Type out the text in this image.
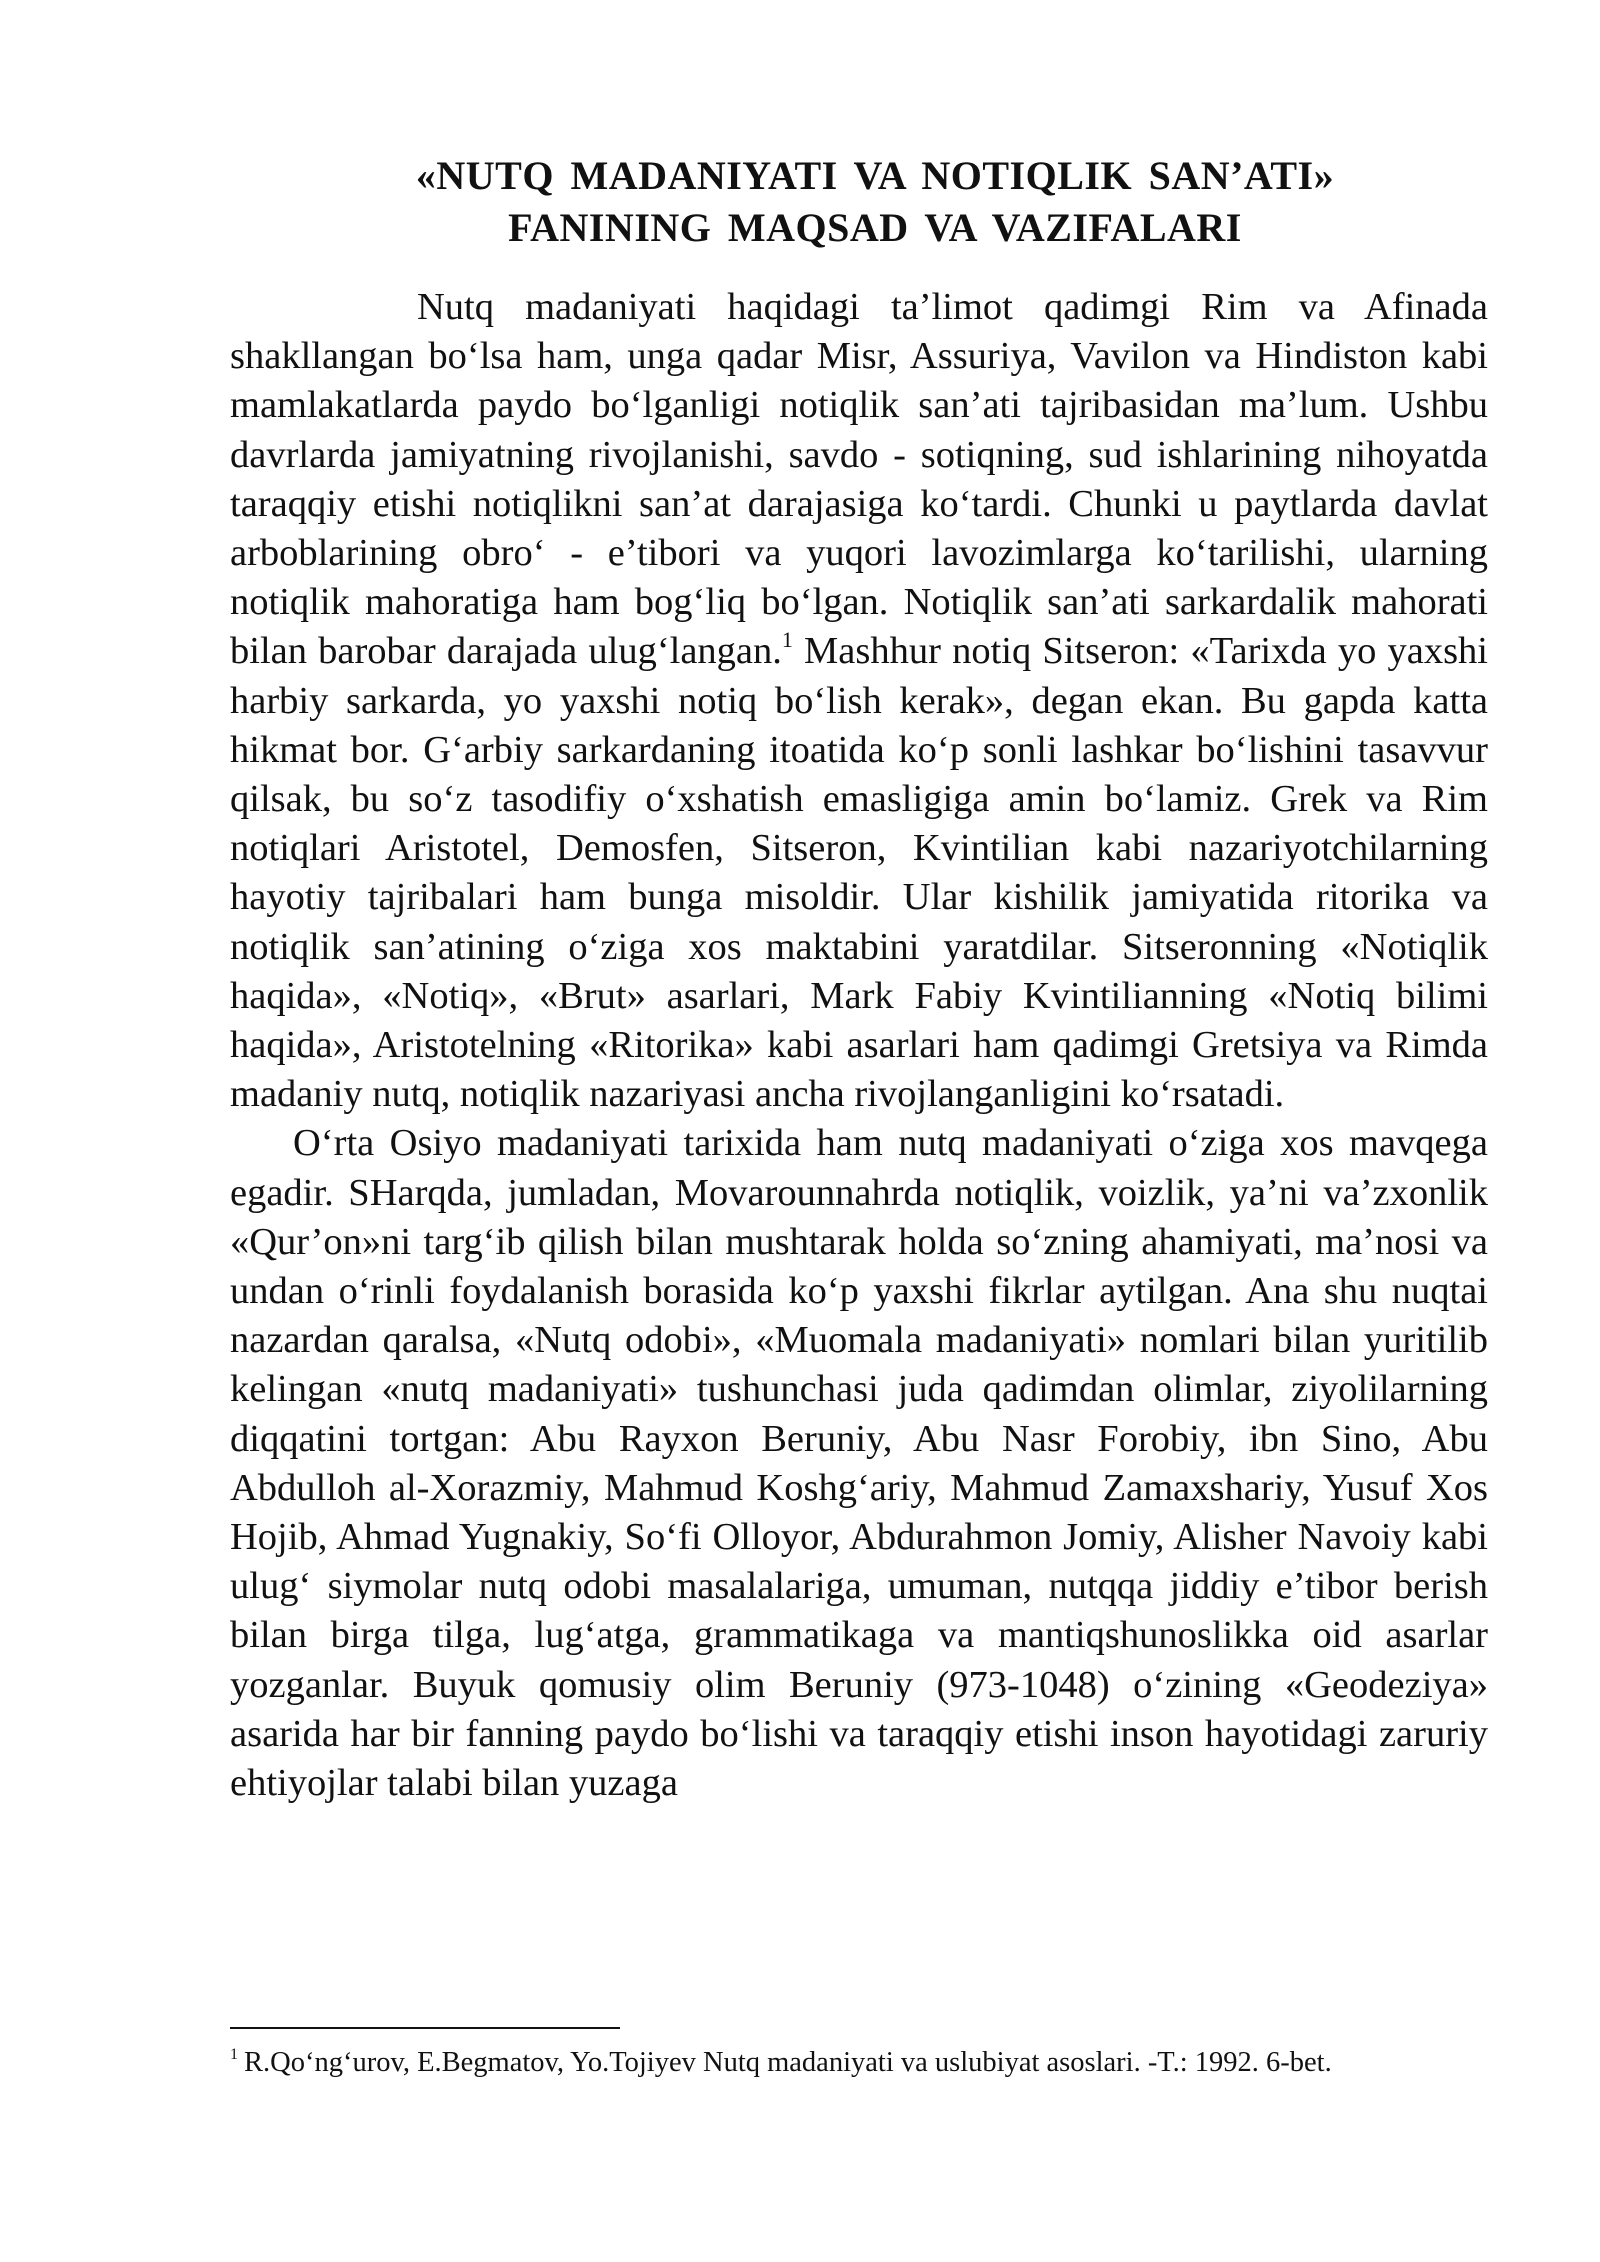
«NUTQ MADANIYATI VA NOTIQLIK SAN’ATI»
FANINING MAQSAD VA VAZIFALARI

Nutq madaniyati haqidagi ta’limot qadimgi Rim va Afinada shakllangan bo‘lsa ham, unga qadar Misr, Assuriya, Vavilon va Hindiston kabi mamlakatlarda paydo bo‘lganligi notiqlik san’ati tajribasidan ma’lum. Ushbu davrlarda jamiyatning rivojlanishi, savdo - sotiqning, sud ishlarining nihoyatda taraqqiy etishi notiqlikni san’at darajasiga ko‘tardi. Chunki u paytlarda davlat arboblarining obro‘ - e’tibori va yuqori lavozimlarga ko‘tarilishi, ularning notiqlik mahoratiga ham bog‘liq bo‘lgan. Notiqlik san’ati sarkardalik mahorati bilan barobar darajada ulug‘langan.$^1$ Mashhur notiq Sitseron: «Tarixda yo yaxshi harbiy sarkarda, yo yaxshi notiq bo‘lish kerak», degan ekan. Bu gapda katta hikmat bor. G‘arbiy sarkardaning itoatida ko‘p sonli lashkar bo‘lishini tasavvur qilsak, bu so‘z tasodifiy o‘xshatish emasligiga amin bo‘lamiz. Grek va Rim notiqlari Aristotel, Demosfen, Sitseron, Kvintilian kabi nazariyotchilarning hayotiy tajribalari ham bunga misoldir. Ular kishilik jamiyatida ritorika va notiqlik san’atining o‘ziga xos maktabini yaratdilar. Sitseronning «Notiqlik haqida», «Notiq», «Brut» asarlari, Mark Fabiy Kvintilianning «Notiq bilimi haqida», Aristotelning «Ritorika» kabi asarlari ham qadimgi Gretsiya va Rimda madaniy nutq, notiqlik nazariyasi ancha rivojlanganligini ko‘rsatadi.

O‘rta Osiyo madaniyati tarixida ham nutq madaniyati o‘ziga xos mavqega egadir. SHarqda, jumladan, Movarounnahrda notiqlik, voizlik, ya’ni va’zxonlik «Qur’on»ni targ‘ib qilish bilan mushtarak holda so‘zning ahamiyati, ma’nosi va undan o‘rinli foydalanish borasida ko‘p yaxshi fikrlar aytilgan. Ana shu nuqtai nazardan qaralsa, «Nutq odobi», «Muomala madaniyati» nomlari bilan yuritilib kelingan «nutq madaniyati» tushunchasi juda qadimdan olimlar, ziyolilarning diqqatini tortgan: Abu Rayxon Beruniy, Abu Nasr Forobiy, ibn Sino, Abu Abdulloh al-Xorazmiy, Mahmud Koshg‘ariy, Mahmud Zamaxshariy, Yusuf Xos Hojib, Ahmad Yugnakiy, So‘fi Olloyor, Abdurahmon Jomiy, Alisher Navoiy kabi ulug‘ siymolar nutq odobi masalalariga, umuman, nutqqa jiddiy e’tibor berish bilan birga tilga, lug‘atga, grammatikaga va mantiqshunoslikka oid asarlar yozganlar. Buyuk qomusiy olim Beruniy (973-1048) o‘zining «Geodeziya» asarida har bir fanning paydo bo‘lishi va taraqqiy etishi inson hayotidagi zaruriy ehtiyojlar talabi bilan yuzaga

$^1$ R.Qo‘ng‘urov, E.Begmatov, Yo.Tojiyev Nutq madaniyati va uslubiyat asoslari. -T.: 1992. 6-bet.
